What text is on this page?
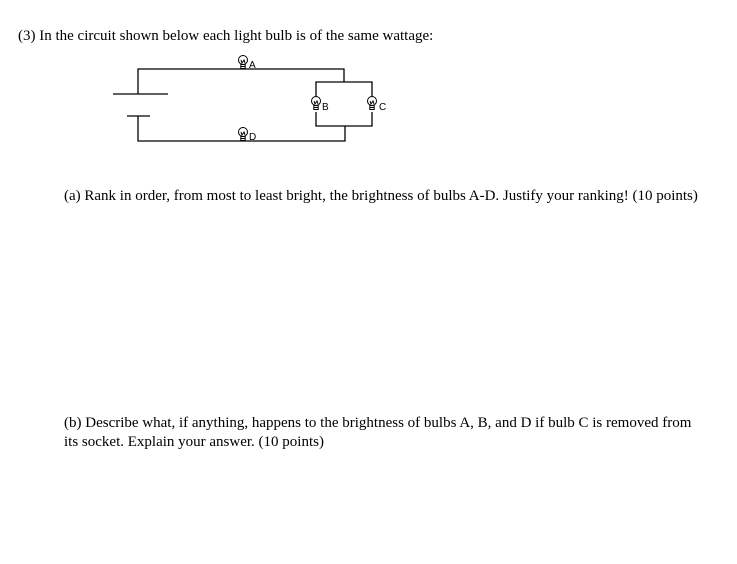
(3) In the circuit shown below each light bulb is of the same wattage:
A
D
B	C
(a) Rank in order, from most to least bright, the brightness of bulbs A-D. Justify your ranking! (10 points)
(b) Describe what, if anything, happens to the brightness of bulbs A, B, and D if bulb C is removed from its socket. Explain your answer. (10 points)
